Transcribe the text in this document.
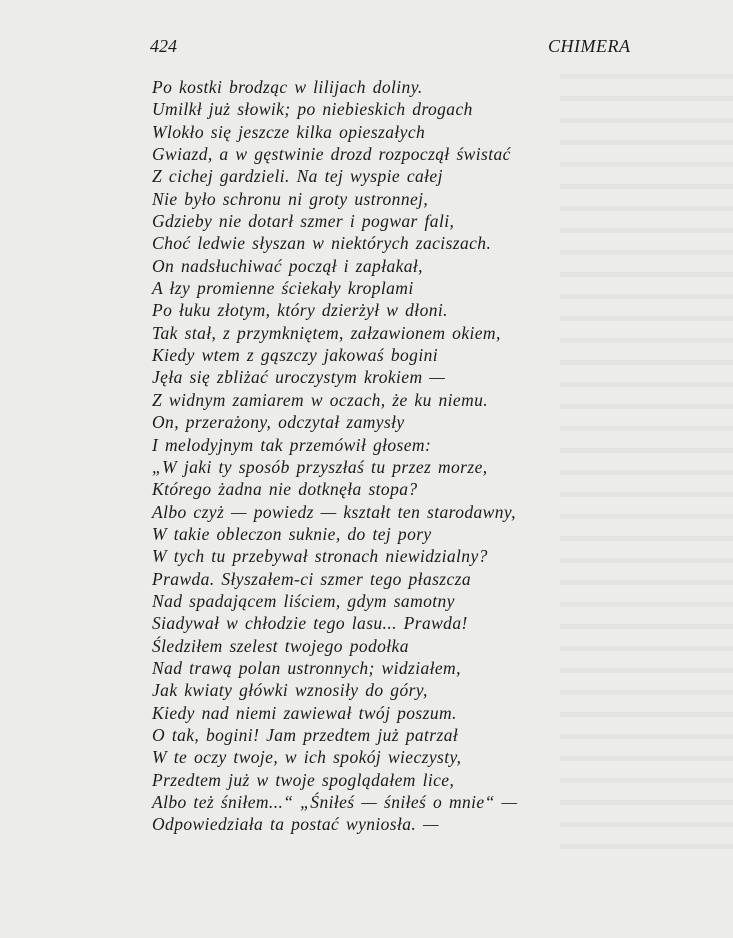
424	CHIMERA
Po kostki brodząc w lilijach doliny.
Umilkł już słowik; po niebieskich drogach
Wlokło się jeszcze kilka opieszałych
Gwiazd, a w gęstwinie drozd rozpoczął świstać
Z cichej gardzieli. Na tej wyspie całej
Nie było schronu ni groty ustronnej,
Gdzieby nie dotarł szmer i pogwar fali,
Choć ledwie słyszan w niektórych zaciszach.
On nadsłuchiwać począł i zapłakał,
A łzy promienne ściekały kroplami
Po łuku złotym, który dzierżył w dłoni.
Tak stał, z przymkniętem, załzawionem okiem,
Kiedy wtem z gąszczy jakowaś bogini
Jęła się zbliżać uroczystym krokiem —
Z widnym zamiarem w oczach, że ku niemu.
On, przerażony, odczytał zamysły
I melodyjnym tak przemówił głosem:
„W jaki ty sposób przyszłaś tu przez morze,
Którego żadna nie dotknęła stopa?
Albo czyż — powiedz — kształt ten starodawny,
W takie obleczon suknie, do tej pory
W tych tu przebywał stronach niewidzialny?
Prawda. Słyszałem-ci szmer tego płaszcza
Nad spadającem liściem, gdym samotny
Siadywał w chłodzie tego lasu... Prawda!
Śledziłem szelest twojego podołka
Nad trawą polan ustronnych; widziałem,
Jak kwiaty główki wznosiły do góry,
Kiedy nad niemi zawiewał twój poszum.
O tak, bogini! Jam przedtem już patrzał
W te oczy twoje, w ich spokój wieczysty,
Przedtem już w twoje spoglądałem lice,
Albo też śniłem...“ „Śniłeś — śniłeś o mnie“ —
Odpowiedziała ta postać wyniosła. —
